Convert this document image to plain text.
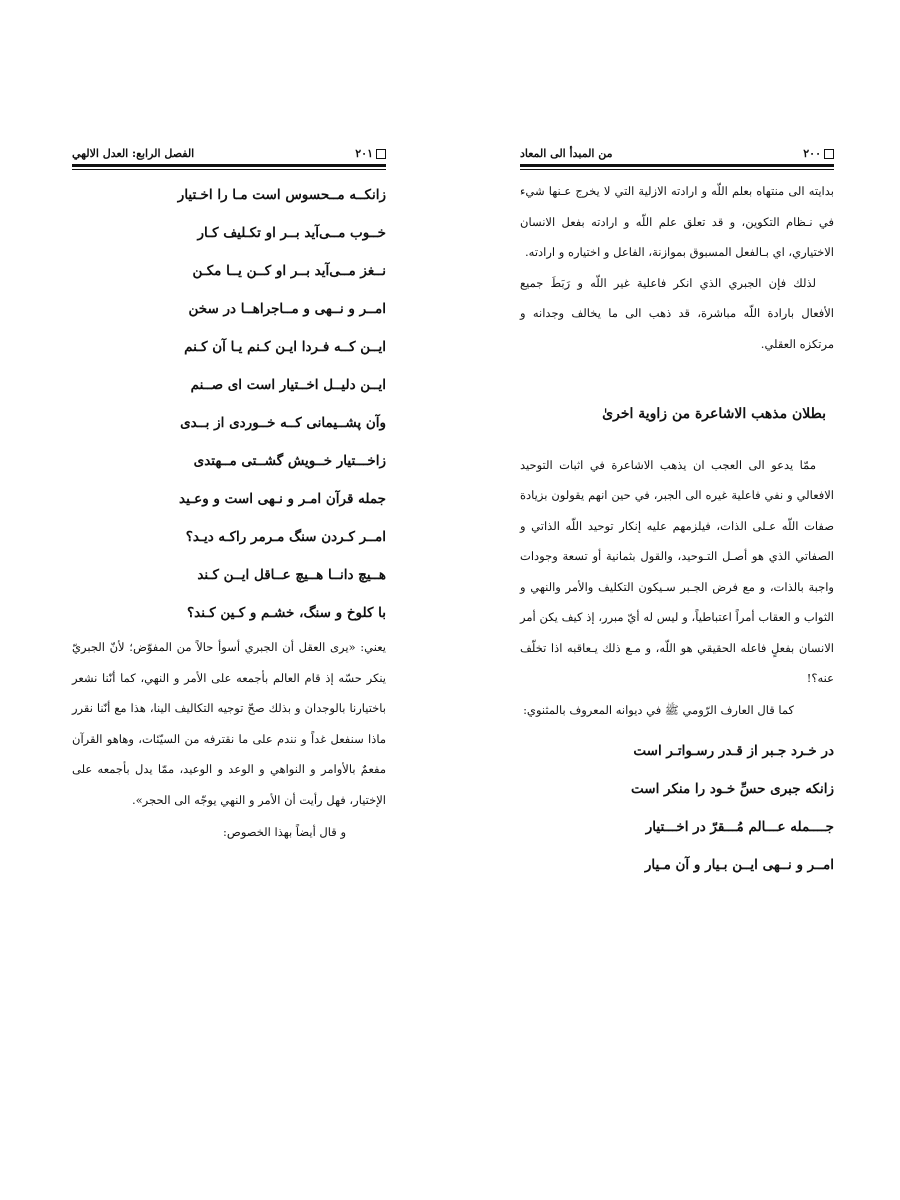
٢٠٠
من المبدأ الى المعاد

بدايته الى منتهاه بعلم اللّه و ارادته الازلية التي لا يخرج عـنها شيء في نـظام التكوين، و قد تعلق علم اللّه و ارادته بفعل الانسان الاختياري، اي بـالفعل المسبوق بموازنة، الفاعل و اختياره و ارادته.

لذلك فإن الجبري الذي انكر فاعلية غير اللّه و رَبَطَ جميع الأفعال بارادة اللّه مباشرة، قد ذهب الى ما يخالف وجدانه و مرتكزه العقلي.

بطلان مذهب الاشاعرة من زاوية اخرىٰ

ممّا يدعو الى العجب ان يذهب الاشاعرة في اثبات التوحيد الافعالي و نفي فاعلية غيره الى الجبر، في حين انهم يقولون بزيادة صفات اللّه عـلى الذات، فيلزمهم عليه إنكار توحيد اللّه الذاتي و الصفاتي الذي هو أصـل التـوحيد، والقول بثمانية أو تسعة وجودات واجبة بالذات، و مع فرض الجـبر سـيكون التكليف والأمر والنهي و الثواب و العقاب أمراً اعتباطياً، و ليس له أيّ مبرر، إذ كيف يكن أمر الانسان بفعلٍ فاعله الحقيقي هو اللّه، و مـع ذلك يـعاقبه اذا تخلّف عنه؟!

كما قال العارف الرّومي ﷺ في ديوانه المعروف بالمثنوي:

در خـرد جـبر از قـدر رسـواتـر است
زانكه جبرى حسِّ خـود را منكر است
جــــمله عـــالم مُـــقرّ در اخـــتيار
امــر و نــهى ايــن بـيار و آن مـيار
٢٠١
الفصل الرابع: العدل الالهي
زانكــه مــحسوس است مـا را اخـتيار
خــوب مــى‌آيد بــر او تكـليف كـار
نــغز مــى‌آيد بــر او كــن يــا مكـن
امــر و نــهى و مــاجراهــا در سخن
ايــن كــه فـردا ايـن كـنم يـا آن كـنم
ايــن دليــل اخــتيار است اى صــنم
وآن پشــيمانى كــه خــوردى از بــدى
زاخـــتيار خــويش گشــتى مــهتدى
جمله قرآن امـر و نـهى است و وعـيد
امــر كـردن سنگ مـرمر راكـه ديـد؟
هــيچ دانــا هــيچ عــاقل ايــن كـند
با كلوخ و سنگ، خشـم و كـين كـند؟

يعني: «يرى العقل أن الجبري أسوأ حالاً من المفوّض؛ لأنّ الجبريّ ينكر حسّه إذ قام العالم بأجمعه على الأمر و النهي، كما أنّنا نشعر باختيارنا بالوجدان و بذلك صحّ توجيه التكاليف الينا، هذا مع أنّنا نقرر ماذا سنفعل غداً و نندم على ما نقترفه من السيّئات، وهاهو القرآن مفعمٌ بالأوامر و النواهي و الوعد و الوعيد، ممّا يدل بأجمعه على الإختيار، فهل رأيت أن الأمر و النهي يوجّه الى الحجر».

و قال أيضاً بهذا الخصوص:
